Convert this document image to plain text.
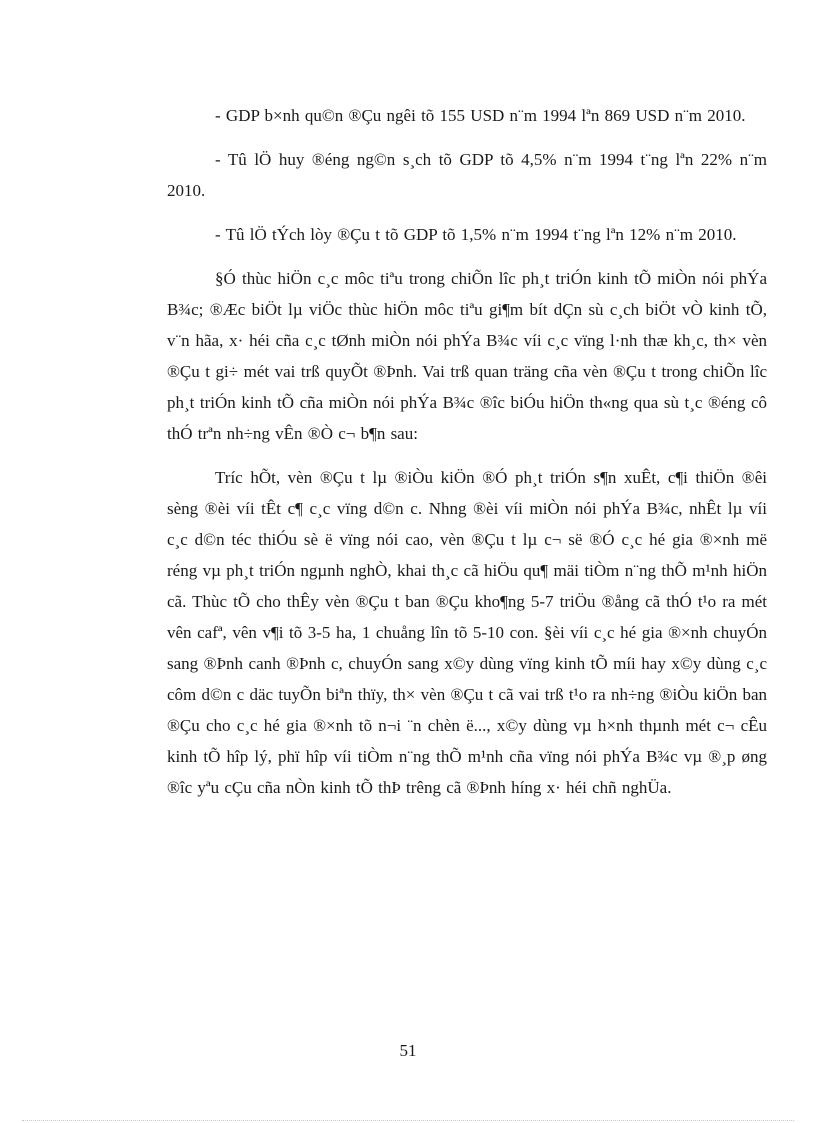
- GDP b×nh qu©n ®Çu ngêi tõ 155 USD n¨m 1994 lªn 869 USD n¨m 2010.

- Tû lÖ huy ®éng ng©n s¸ch tõ GDP tõ 4,5% n¨m 1994 t¨ng lªn 22% n¨m 2010.

- Tû lÖ tÝch lòy ®Çu t tõ GDP tõ 1,5% n¨m 1994 t¨ng lªn 12% n¨m 2010.

§Ó thùc hiÖn c¸c môc tiªu trong chiÕn lîc ph¸t triÓn kinh tÕ miÒn nói phÝa B¾c; ®Æc biÖt lµ viÖc thùc hiÖn môc tiªu gi¶m bít dÇn sù c¸ch biÖt vÒ kinh tÕ, v¨n hãa, x· héi cña c¸c tØnh miÒn nói phÝa B¾c víi c¸c vïng l·nh thæ kh¸c, th× vèn ®Çu t gi÷ mét vai trß quyÕt ®Þnh. Vai trß quan träng cña vèn ®Çu t trong chiÕn lîc ph¸t triÓn kinh tÕ cña miÒn nói phÝa B¾c ®îc biÓu hiÖn th«ng qua sù t¸c ®éng cô thÓ trªn nh÷ng vÊn ®Ò c¬ b¶n sau:

Tríc hÕt, vèn ®Çu t lµ ®iÒu kiÖn ®Ó ph¸t triÓn s¶n xuÊt, c¶i thiÖn ®êi sèng ®èi víi tÊt c¶ c¸c vïng d©n c. Nhng ®èi víi miÒn nói phÝa B¾c, nhÊt lµ víi c¸c d©n téc thiÓu sè ë vïng nói cao, vèn ®Çu t lµ c¬ së ®Ó c¸c hé gia ®×nh më réng vµ ph¸t triÓn ngµnh nghÒ, khai th¸c cã hiÖu qu¶ mäi tiÒm n¨ng thÕ m¹nh hiÖn cã. Thùc tÕ cho thÊy vèn ®Çu t ban ®Çu kho¶ng 5-7 triÖu ®ång cã thÓ t¹o ra mét vên cafª, vên v¶i tõ 3-5 ha, 1 chuång lîn tõ 5-10 con. §èi víi c¸c hé gia ®×nh chuyÓn sang ®Þnh canh ®Þnh c, chuyÓn sang x©y dùng vïng kinh tÕ míi hay x©y dùng c¸c côm d©n c däc tuyÕn biªn thïy, th× vèn ®Çu t cã vai trß t¹o ra nh÷ng ®iÒu kiÖn ban ®Çu cho c¸c hé gia ®×nh tõ n¬i ¨n chèn ë..., x©y dùng vµ h×nh thµnh mét c¬ cÊu kinh tÕ hîp lý, phï hîp víi tiÒm n¨ng thÕ m¹nh cña vïng nói phÝa B¾c vµ ®¸p øng ®îc yªu cÇu cña nÒn kinh tÕ thÞ trêng cã ®Þnh híng x· héi chñ nghÜa.

51
